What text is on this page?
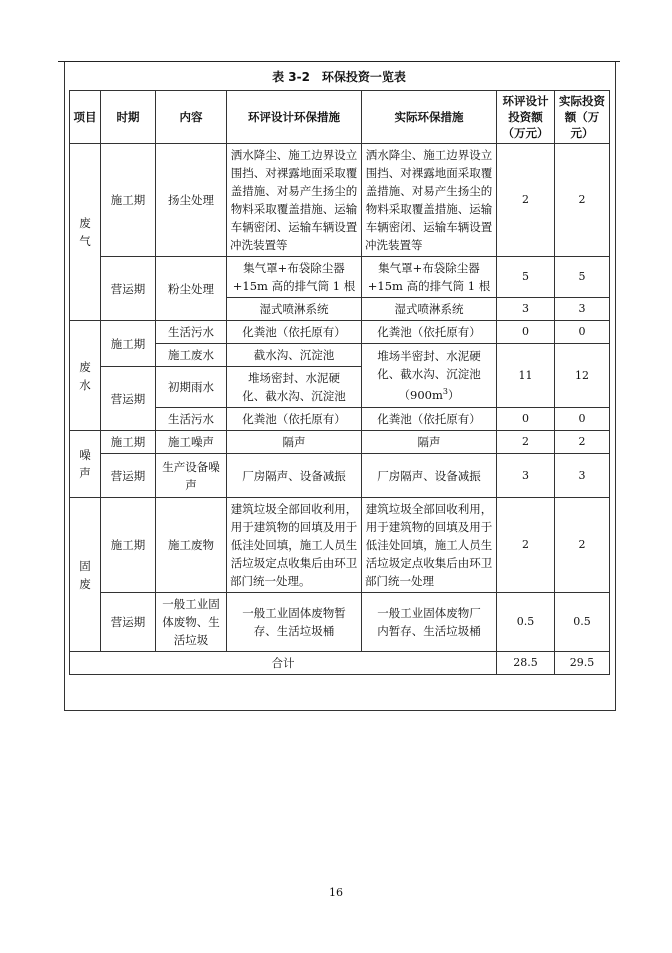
表 3-2　环保投资一览表
项目	时期	内容	环评设计环保措施	实际环保措施	环评设计投资额（万元）	实际投资额（万元）
废气	施工期	扬尘处理	洒水降尘、施工边界设立围挡、对裸露地面采取覆盖措施、对易产生扬尘的物料采取覆盖措施、运输车辆密闭、运输车辆设置冲洗装置等	洒水降尘、施工边界设立围挡、对裸露地面采取覆盖措施、对易产生扬尘的物料采取覆盖措施、运输车辆密闭、运输车辆设置冲洗装置等	2	2
	营运期	粉尘处理	集气罩+布袋除尘器+15m 高的排气筒 1 根	集气罩+布袋除尘器+15m 高的排气筒 1 根	5	5
			湿式喷淋系统	湿式喷淋系统	3	3
废水	施工期	生活污水	化粪池（依托原有）	化粪池（依托原有）	0	0
		施工废水	截水沟、沉淀池	堆场半密封、水泥硬化、截水沟、沉淀池$(900m^3)$	11	12
	营运期	初期雨水	堆场密封、水泥硬化、截水沟、沉淀池			
		生活污水	化粪池（依托原有）	化粪池（依托原有）	0	0
噪声	施工期	施工噪声	隔声	隔声	2	2
	营运期	生产设备噪声	厂房隔声、设备减振	厂房隔声、设备减振	3	3
固废	施工期	施工废物	建筑垃圾全部回收利用，用于建筑物的回填及用于低洼处回填，施工人员生活垃圾定点收集后由环卫部门统一处理。	建筑垃圾全部回收利用，用于建筑物的回填及用于低洼处回填，施工人员生活垃圾定点收集后由环卫部门统一处理	2	2
	营运期	一般工业固体废物、生活垃圾	一般工业固体废物暂存、生活垃圾桶	一般工业固体废物厂内暂存、生活垃圾桶	0.5	0.5
合计					28.5	29.5
16
